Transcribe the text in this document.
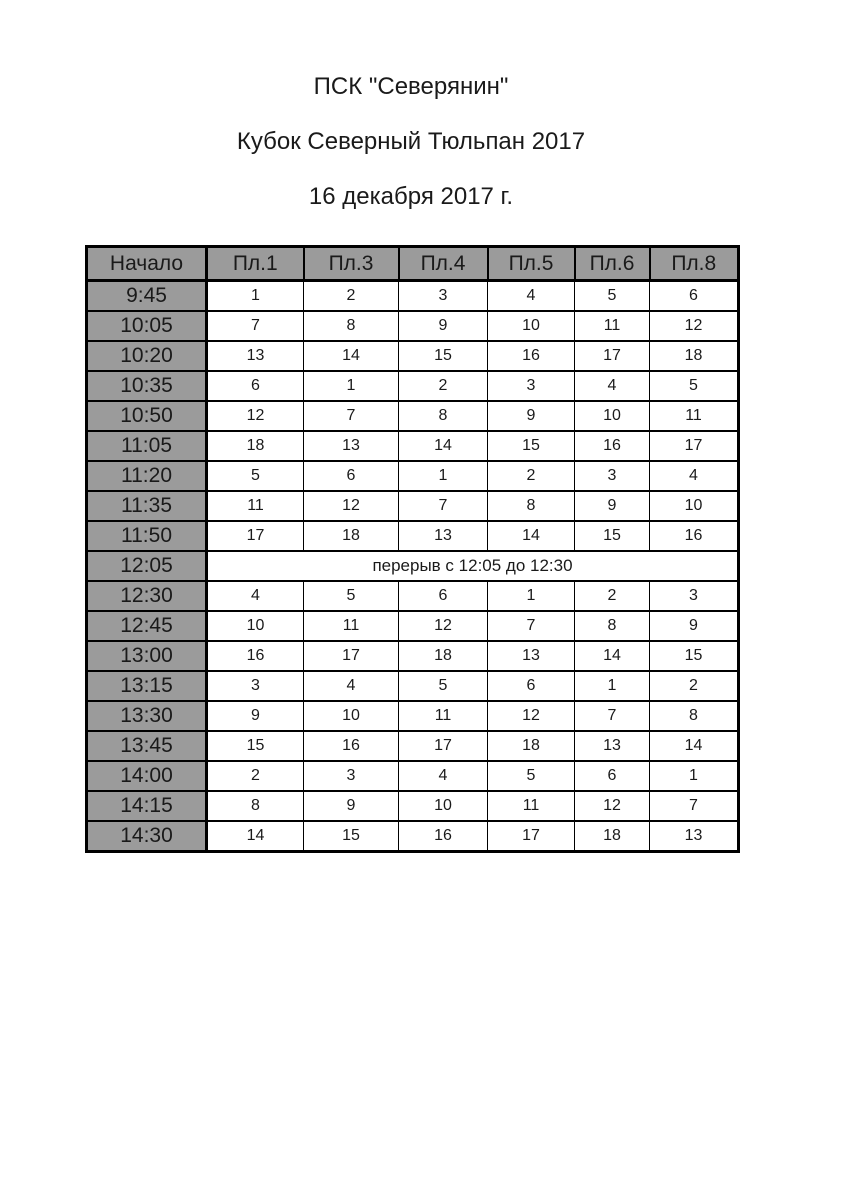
ПСК "Северянин"

Кубок Северный Тюльпан 2017

16 декабря 2017 г.

Начало	Пл.1	Пл.3	Пл.4	Пл.5	Пл.6	Пл.8
9:45	1	2	3	4	5	6
10:05	7	8	9	10	11	12
10:20	13	14	15	16	17	18
10:35	6	1	2	3	4	5
10:50	12	7	8	9	10	11
11:05	18	13	14	15	16	17
11:20	5	6	1	2	3	4
11:35	11	12	7	8	9	10
11:50	17	18	13	14	15	16
12:05	перерыв с 12:05 до 12:30					
12:30	4	5	6	1	2	3
12:45	10	11	12	7	8	9
13:00	16	17	18	13	14	15
13:15	3	4	5	6	1	2
13:30	9	10	11	12	7	8
13:45	15	16	17	18	13	14
14:00	2	3	4	5	6	1
14:15	8	9	10	11	12	7
14:30	14	15	16	17	18	13
